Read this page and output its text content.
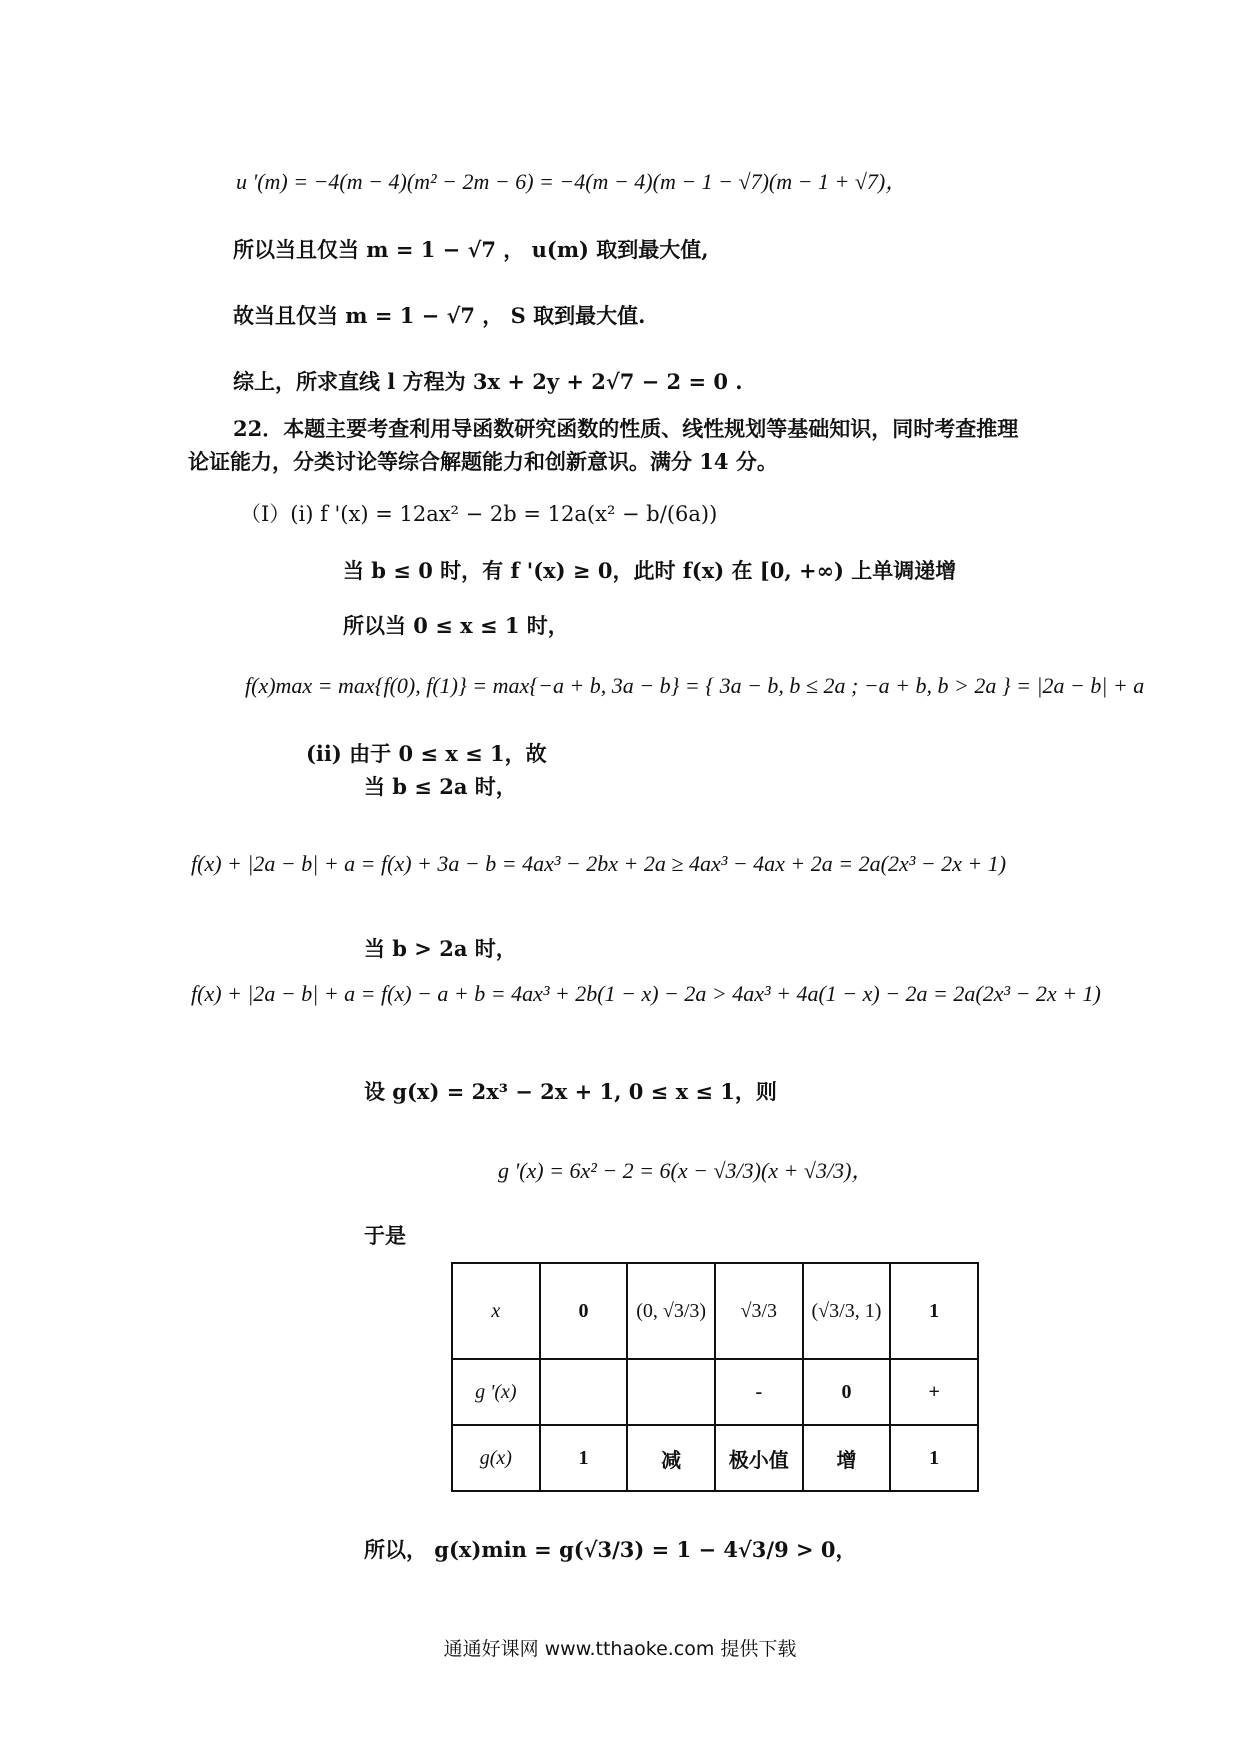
u '(m) = −4(m − 4)(m² − 2m − 6) = −4(m − 4)(m − 1 − √7)(m − 1 + √7)，
所以当且仅当 m = 1 − √7 ， u(m) 取到最大值,
故当且仅当 m = 1 − √7 ， S 取到最大值.
综上，所求直线 l 方程为 3x + 2y + 2√7 − 2 = 0 .
22．本题主要考查利用导函数研究函数的性质、线性规划等基础知识，同时考查推理
论证能力，分类讨论等综合解题能力和创新意识。满分 14 分。
（Ⅰ）(i) f '(x) = 12ax² − 2b = 12a(x² − b/(6a))
当 b ≤ 0 时，有 f '(x) ≥ 0，此时 f(x) 在 [0, +∞) 上单调递增
所以当 0 ≤ x ≤ 1 时，
f(x)max = max{f(0), f(1)} = max{−a + b, 3a − b} = { 3a − b, b ≤ 2a ; −a + b, b > 2a } = |2a − b| + a
(ii) 由于 0 ≤ x ≤ 1，故
当 b ≤ 2a 时，
f(x) + |2a − b| + a = f(x) + 3a − b = 4ax³ − 2bx + 2a ≥ 4ax³ − 4ax + 2a = 2a(2x³ − 2x + 1)
当 b > 2a 时，
f(x) + |2a − b| + a = f(x) − a + b = 4ax³ + 2b(1 − x) − 2a > 4ax³ + 4a(1 − x) − 2a = 2a(2x³ − 2x + 1)
设 g(x) = 2x³ − 2x + 1, 0 ≤ x ≤ 1，则
g '(x) = 6x² − 2 = 6(x − √3/3)(x + √3/3)，
于是
x	0	(0, √3/3)	√3/3	(√3/3, 1)	1
g '(x)			-	0	+
g(x)	1	减	极小值	增	1
所以， g(x)min = g(√3/3) = 1 − 4√3/9 > 0，
通通好课网 www.tthaoke.com 提供下载
